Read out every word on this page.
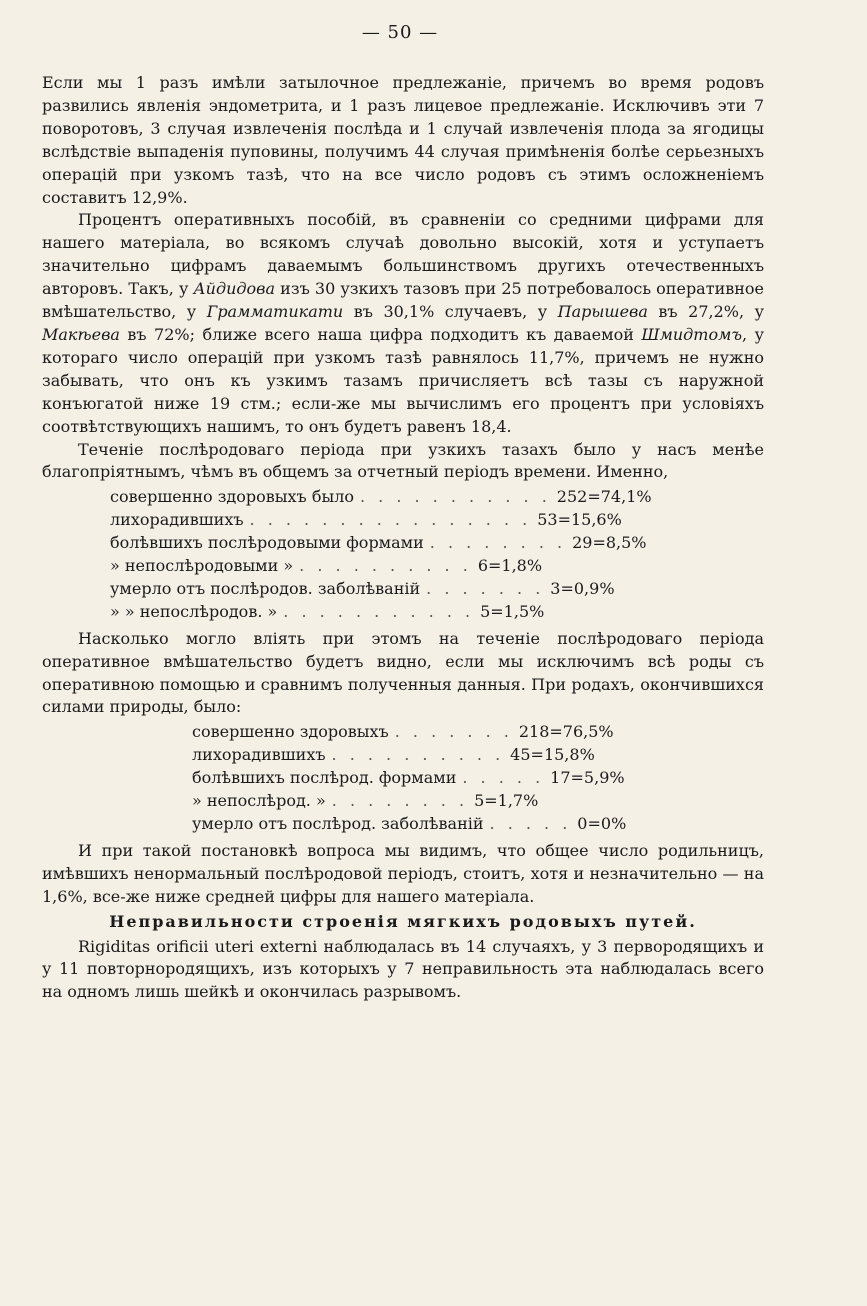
— 50 —

Если мы 1 разъ имѣли затылочное предлежаніе, причемъ во время родовъ развились явленія эндометрита, и 1 разъ лицевое предлежаніе. Исключивъ эти 7 поворотовъ, 3 случая извлеченія послѣда и 1 случай извлеченія плода за ягодицы вслѣдствіе выпаденія пуповины, получимъ 44 случая примѣненія болѣе серьезныхъ операцій при узкомъ тазѣ, что на все число родовъ съ этимъ осложненіемъ составитъ 12,9%.

Процентъ оперативныхъ пособій, въ сравненіи со средними цифрами для нашего матеріала, во всякомъ случаѣ довольно высокій, хотя и уступаетъ значительно цифрамъ даваемымъ большинствомъ другихъ отечественныхъ авторовъ. Такъ, у Айдидова изъ 30 узкихъ тазовъ при 25 потребовалось оперативное вмѣшательство, у Грамматикати въ 30,1% случаевъ, у Парышева въ 27,2%, у Макѣева въ 72%; ближе всего наша цифра подходитъ къ даваемой Шмидтомъ, у котораго число операцій при узкомъ тазѣ равнялось 11,7%, причемъ не нужно забывать, что онъ къ узкимъ тазамъ причисляетъ всѣ тазы съ наружной конъюгатой ниже 19 стм.; если-же мы вычислимъ его процентъ при условіяхъ соотвѣтствующихъ нашимъ, то онъ будетъ равенъ 18,4.

Теченіе послѣродоваго періода при узкихъ тазахъ было у насъ менѣе благопріятнымъ, чѣмъ въ общемъ за отчетный періодъ времени. Именно,

совершенно здоровыхъ было . . . . . . . . . . . 252=74,1%
лихорадившихъ . . . . . . . . . . . . . . . . 53=15,6%
болѣвшихъ послѣродовыми формами . . . . . . . . 29=8,5%
» непослѣродовыми » . . . . . . . . . . 6=1,8%
умерло отъ послѣродов. заболѣваній . . . . . . . 3=0,9%
» » непослѣродов. » . . . . . . . . . . . 5=1,5%

Насколько могло вліять при этомъ на теченіе послѣродоваго періода оперативное вмѣшательство будетъ видно, если мы исключимъ всѣ роды съ оперативною помощью и сравнимъ полученныя данныя. При родахъ, окончившихся силами природы, было:

совершенно здоровыхъ . . . . . . . 218=76,5%
лихорадившихъ . . . . . . . . . . 45=15,8%
болѣвшихъ послѣрод. формами . . . . . 17=5,9%
» непослѣрод. » . . . . . . . . 5=1,7%
умерло отъ послѣрод. заболѣваній . . . . . 0=0%

И при такой постановкѣ вопроса мы видимъ, что общее число родильницъ, имѣвшихъ ненормальный послѣродовой періодъ, стоитъ, хотя и незначительно — на 1,6%, все-же ниже средней цифры для нашего матеріала.

Неправильности строенія мягкихъ родовыхъ путей.

Rigiditas orificii uteri externi наблюдалась въ 14 случаяхъ, у 3 первородящихъ и у 11 повторнородящихъ, изъ которыхъ у 7 неправильность эта наблюдалась всего на одномъ лишь шейкѣ и окончилась разрывомъ.
